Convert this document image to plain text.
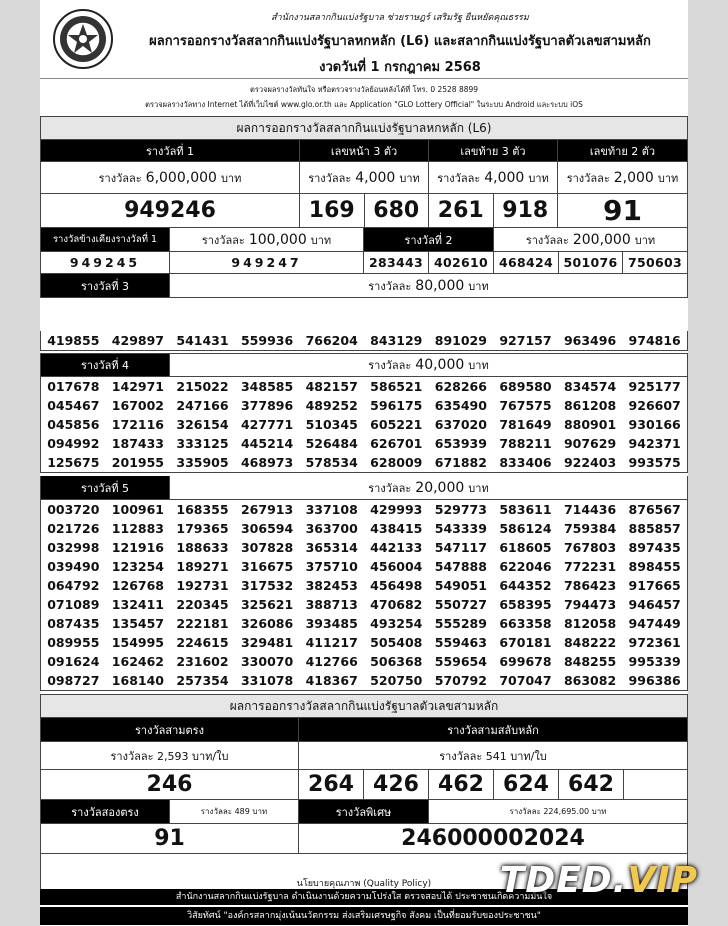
สำนักงานสลากกินแบ่งรัฐบาล ช่วยราษฎร์ เสริมรัฐ ยืนหยัดคุณธรรม
ผลการออกรางวัลสลากกินแบ่งรัฐบาลหกหลัก (L6) และสลากกินแบ่งรัฐบาลตัวเลขสามหลัก
งวดวันที่ 1 กรกฎาคม 2568
ตรวจผลรางวัลทันใจ หรือตรวจรางวัลย้อนหลังได้ที่ โทร. 0 2528 8899
ตรวจผลรางวัลทาง Internet ได้ที่เว็บไซต์ www.glo.or.th และ Application "GLO Lottery Official" ในระบบ Android และระบบ iOS
ผลการออกรางวัลสลากกินแบ่งรัฐบาลหกหลัก (L6)
รางวัลที่ 1	เลขหน้า 3 ตัว	เลขท้าย 3 ตัว	เลขท้าย 2 ตัว
รางวัลละ 6,000,000 บาท	รางวัลละ 4,000 บาท รางวัลละ 4,000 บาท รางวัลละ 2,000 บาท
949246	169 680 261 918	91
รางวัลข้างเคียงรางวัลที่ 1	รางวัลละ 100,000 บาท	รางวัลที่ 2	รางวัลละ 200,000 บาท
949245	949247	283443 402610 468424 501076 750603
รางวัลที่ 3	รางวัลละ 80,000 บาท
419855 429897 541431 559936 766204 843129 891029 927157 963496 974816
รางวัลที่ 4	รางวัลละ 40,000 บาท
017678 142971 215022 348585 482157 586521 628266 689580 834574 925177
045467 167002 247166 377896 489252 596175 635490 767575 861208 926607
045856 172116 326154 427771 510345 605221 637020 781649 880901 930166
094992 187433 333125 445214 526484 626701 653939 788211 907629 942371
125675 201955 335905 468973 578534 628009 671882 833406 922403 993575
รางวัลที่ 5	รางวัลละ 20,000 บาท
003720 100961 168355 267913 337108 429993 529773 583611 714436 876567
021726 112883 179365 306594 363700 438415 543339 586124 759384 885857
032998 121916 188633 307828 365314 442133 547117 618605 767803 897435
039490 123254 189271 316675 375710 456004 547888 622046 772231 898455
064792 126768 192731 317532 382453 456498 549051 644352 786423 917665
071089 132411 220345 325621 388713 470682 550727 658395 794473 946457
087435 135457 222181 326086 393485 493254 555289 663358 812058 947449
089955 154995 224615 329481 411217 505408 559463 670181 848222 972361
091624 162462 231602 330070 412766 506368 559654 699678 848255 995339
098727 168140 257354 331078 418367 520750 570792 707047 863082 996386
ผลการออกรางวัลสลากกินแบ่งรัฐบาลตัวเลขสามหลัก
รางวัลสามตรง	รางวัลสามสลับหลัก
รางวัลละ 2,593 บาท/ใบ	รางวัลละ 541 บาท/ใบ
246	264 426 462 624 642
รางวัลสองตรง	รางวัลละ 489 บาท	รางวัลพิเศษ	รางวัลละ 224,695.00 บาท
91	246000002024
นโยบายคุณภาพ (Quality Policy)
สำนักงานสลากกินแบ่งรัฐบาล ดำเนินงานด้วยความโปร่งใส ตรวจสอบได้ ประชาชนเกิดความมั่นใจ
วิสัยทัศน์ "องค์กรสลากมุ่งเน้นนวัตกรรม ส่งเสริมเศรษฐกิจ สังคม เป็นที่ยอมรับของประชาชน"
TDED.VIP
